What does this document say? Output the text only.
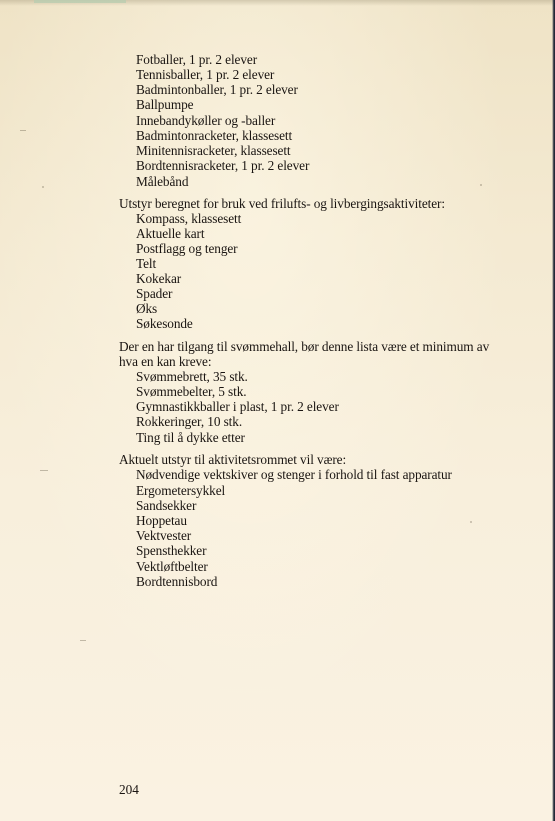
Fotballer, 1 pr. 2 elever
Tennisballer, 1 pr. 2 elever
Badmintonballer, 1 pr. 2 elever
Ballpumpe
Innebandykøller og -baller
Badmintonracketer, klassesett
Minitennisracketer, klassesett
Bordtennisracketer, 1 pr. 2 elever
Målebånd
Utstyr beregnet for bruk ved frilufts- og livbergingsaktiviteter:
Kompass, klassesett
Aktuelle kart
Postflagg og tenger
Telt
Kokekar
Spader
Øks
Søkesonde
Der en har tilgang til svømmehall, bør denne lista være et minimum av
hva en kan kreve:
Svømmebrett, 35 stk.
Svømmebelter, 5 stk.
Gymnastikkballer i plast, 1 pr. 2 elever
Rokkeringer, 10 stk.
Ting til å dykke etter
Aktuelt utstyr til aktivitetsrommet vil være:
Nødvendige vektskiver og stenger i forhold til fast apparatur
Ergometersykkel
Sandsekker
Hoppetau
Vektvester
Spensthekker
Vektløftbelter
Bordtennisbord
204
